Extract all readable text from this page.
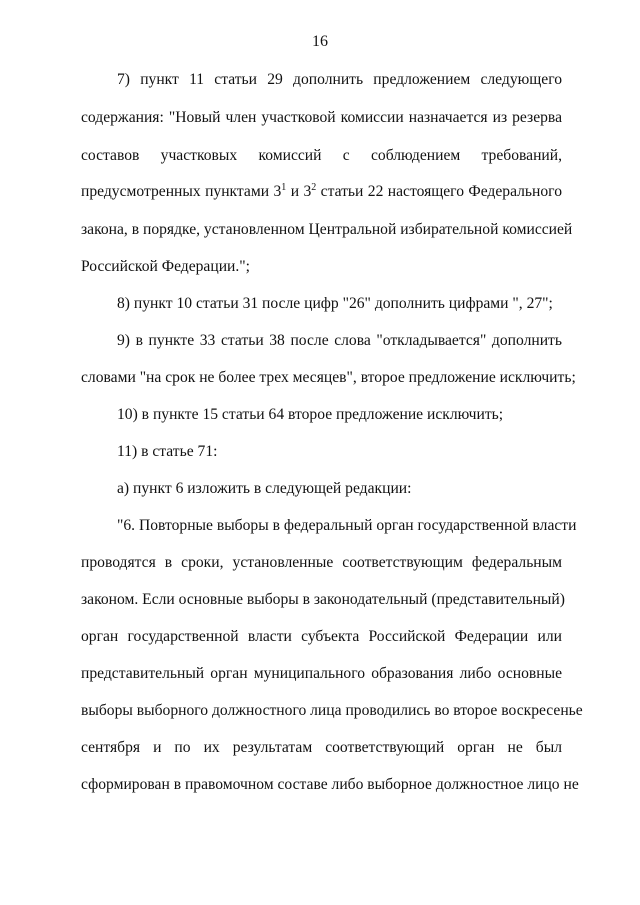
16
7) пункт 11 статьи 29 дополнить предложением следующего
содержания: "Новый член участковой комиссии назначается из резерва
составов участковых комиссий с соблюдением требований,
предусмотренных пунктами $3^1$ и $3^2$ статьи 22 настоящего Федерального
закона, в порядке, установленном Центральной избирательной комиссией
Российской Федерации.";
8) пункт 10 статьи 31 после цифр "26" дополнить цифрами ", 27";
9) в пункте 33 статьи 38 после слова "откладывается" дополнить
словами "на срок не более трех месяцев", второе предложение исключить;
10) в пункте 15 статьи 64 второе предложение исключить;
11) в статье 71:
а) пункт 6 изложить в следующей редакции:
"6. Повторные выборы в федеральный орган государственной власти
проводятся в сроки, установленные соответствующим федеральным
законом. Если основные выборы в законодательный (представительный)
орган государственной власти субъекта Российской Федерации или
представительный орган муниципального образования либо основные
выборы выборного должностного лица проводились во второе воскресенье
сентября и по их результатам соответствующий орган не был
сформирован в правомочном составе либо выборное должностное лицо не
